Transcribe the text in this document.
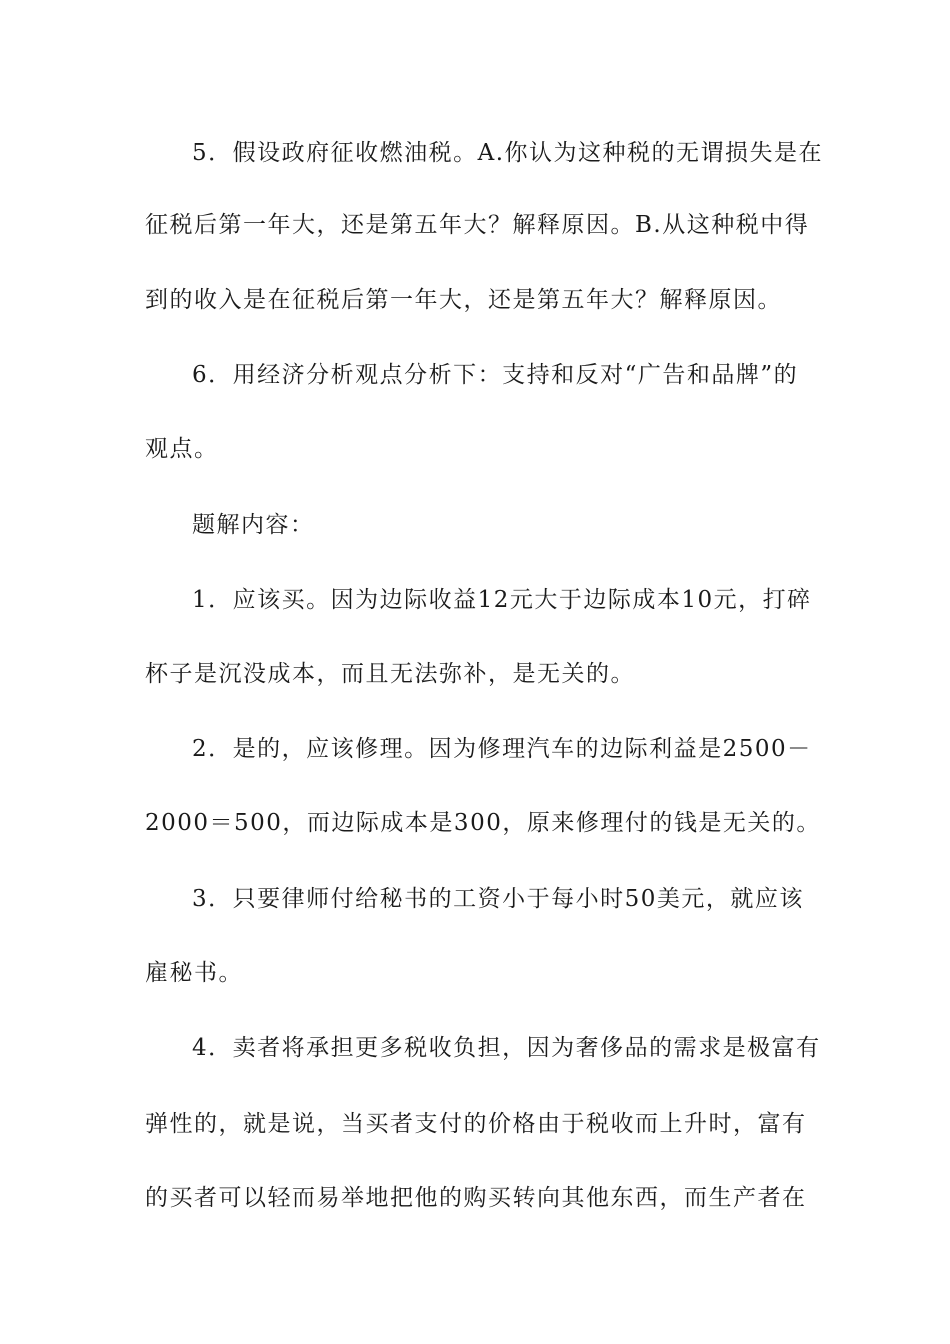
5．假设政府征收燃油税。A.你认为这种税的无谓损失是在
征税后第一年大，还是第五年大？解释原因。B.从这种税中得
到的收入是在征税后第一年大，还是第五年大？解释原因。
6．用经济分析观点分析下：支持和反对“广告和品牌”的
观点。
题解内容：
1．应该买。因为边际收益12元大于边际成本10元，打碎
杯子是沉没成本，而且无法弥补，是无关的。
2．是的，应该修理。因为修理汽车的边际利益是2500－
2000＝500，而边际成本是300，原来修理付的钱是无关的。
3．只要律师付给秘书的工资小于每小时50美元，就应该
雇秘书。
4．卖者将承担更多税收负担，因为奢侈品的需求是极富有
弹性的，就是说，当买者支付的价格由于税收而上升时，富有
的买者可以轻而易举地把他的购买转向其他东西，而生产者在
